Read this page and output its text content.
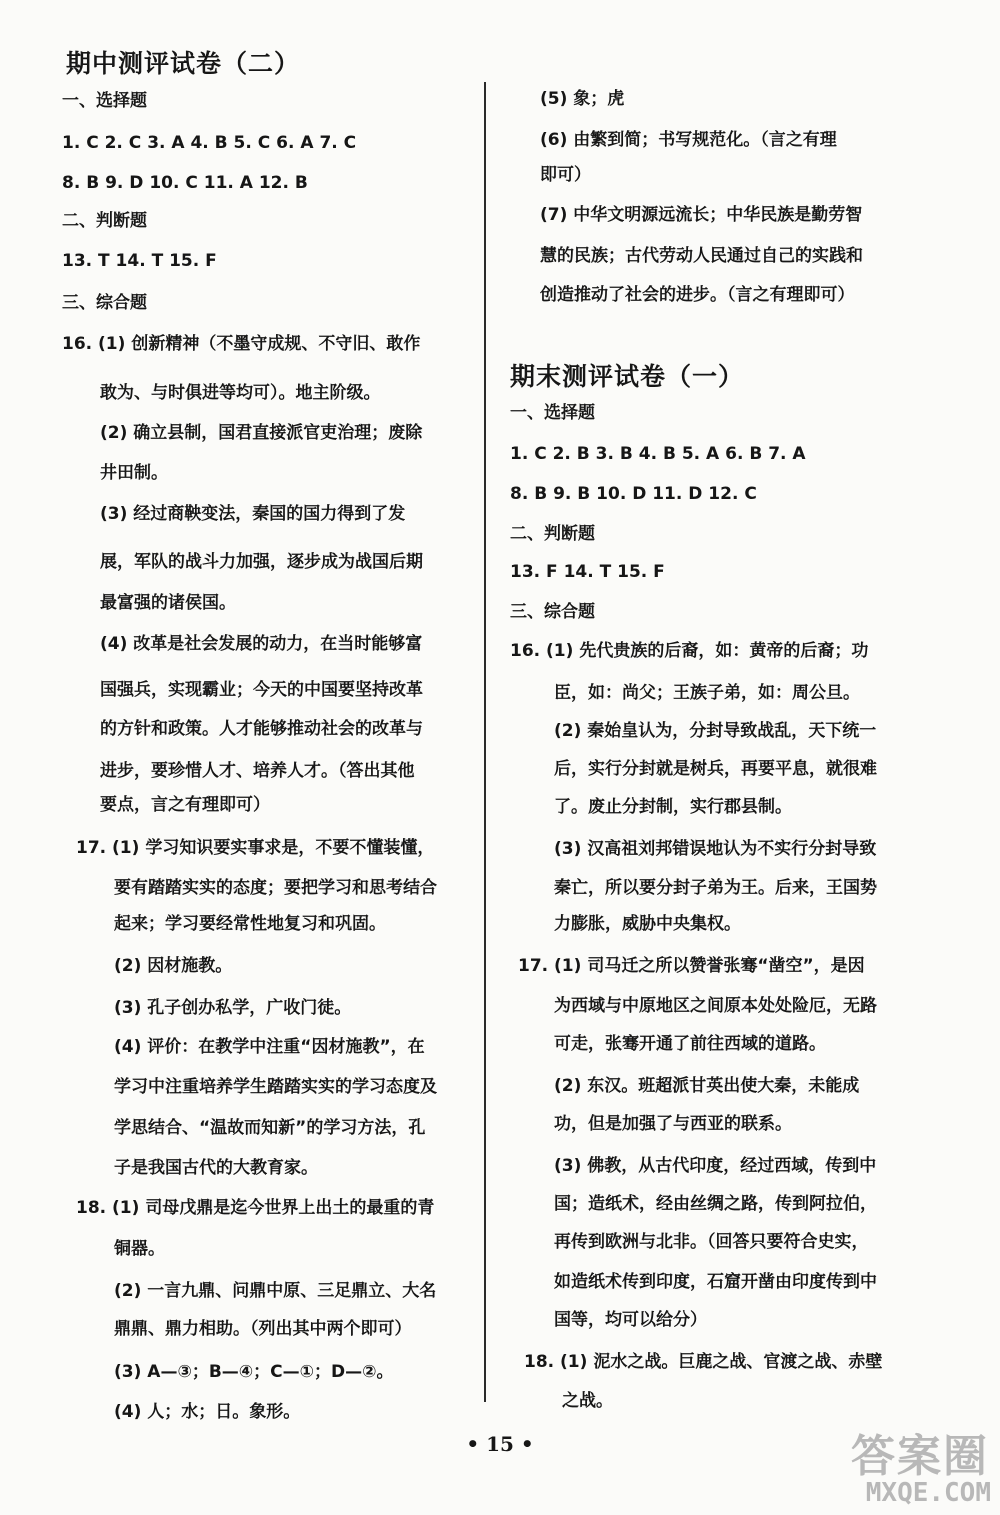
期中测评试卷（二）
一、选择题
1. C 2. C 3. A 4. B 5. C 6. A 7. C
8. B 9. D 10. C 11. A 12. B
二、判断题
13. T 14. T 15. F
三、综合题
16. (1) 创新精神（不墨守成规、不守旧、敢作
敢为、与时俱进等均可）。地主阶级。
(2) 确立县制，国君直接派官吏治理；废除
井田制。
(3) 经过商鞅变法，秦国的国力得到了发
展，军队的战斗力加强，逐步成为战国后期
最富强的诸侯国。
(4) 改革是社会发展的动力，在当时能够富
国强兵，实现霸业；今天的中国要坚持改革
的方针和政策。人才能够推动社会的改革与
进步，要珍惜人才、培养人才。（答出其他
要点，言之有理即可）
17. (1) 学习知识要实事求是，不要不懂装懂，
要有踏踏实实的态度；要把学习和思考结合
起来；学习要经常性地复习和巩固。
(2) 因材施教。
(3) 孔子创办私学，广收门徒。
(4) 评价：在教学中注重“因材施教”，在
学习中注重培养学生踏踏实实的学习态度及
学思结合、“温故而知新”的学习方法，孔
子是我国古代的大教育家。
18. (1) 司母戊鼎是迄今世界上出土的最重的青
铜器。
(2) 一言九鼎、问鼎中原、三足鼎立、大名
鼎鼎、鼎力相助。（列出其中两个即可）
(3) A—③；B—④；C—①；D—②。
(4) 人；水；日。象形。
(5) 象；虎
(6) 由繁到简；书写规范化。（言之有理
即可）
(7) 中华文明源远流长；中华民族是勤劳智
慧的民族；古代劳动人民通过自己的实践和
创造推动了社会的进步。（言之有理即可）
期末测评试卷（一）
一、选择题
1. C 2. B 3. B 4. B 5. A 6. B 7. A
8. B 9. B 10. D 11. D 12. C
二、判断题
13. F 14. T 15. F
三、综合题
16. (1) 先代贵族的后裔，如：黄帝的后裔；功
臣，如：尚父；王族子弟，如：周公旦。
(2) 秦始皇认为，分封导致战乱，天下统一
后，实行分封就是树兵，再要平息，就很难
了。废止分封制，实行郡县制。
(3) 汉高祖刘邦错误地认为不实行分封导致
秦亡，所以要分封子弟为王。后来，王国势
力膨胀，威胁中央集权。
17. (1) 司马迁之所以赞誉张骞“凿空”，是因
为西域与中原地区之间原本处处险厄，无路
可走，张骞开通了前往西域的道路。
(2) 东汉。班超派甘英出使大秦，未能成
功，但是加强了与西亚的联系。
(3) 佛教，从古代印度，经过西域，传到中
国；造纸术，经由丝绸之路，传到阿拉伯，
再传到欧洲与北非。（回答只要符合史实，
如造纸术传到印度，石窟开凿由印度传到中
国等，均可以给分）
18. (1) 泥水之战。巨鹿之战、官渡之战、赤壁
之战。
• 15 •	答案圈
MXQE.COM
